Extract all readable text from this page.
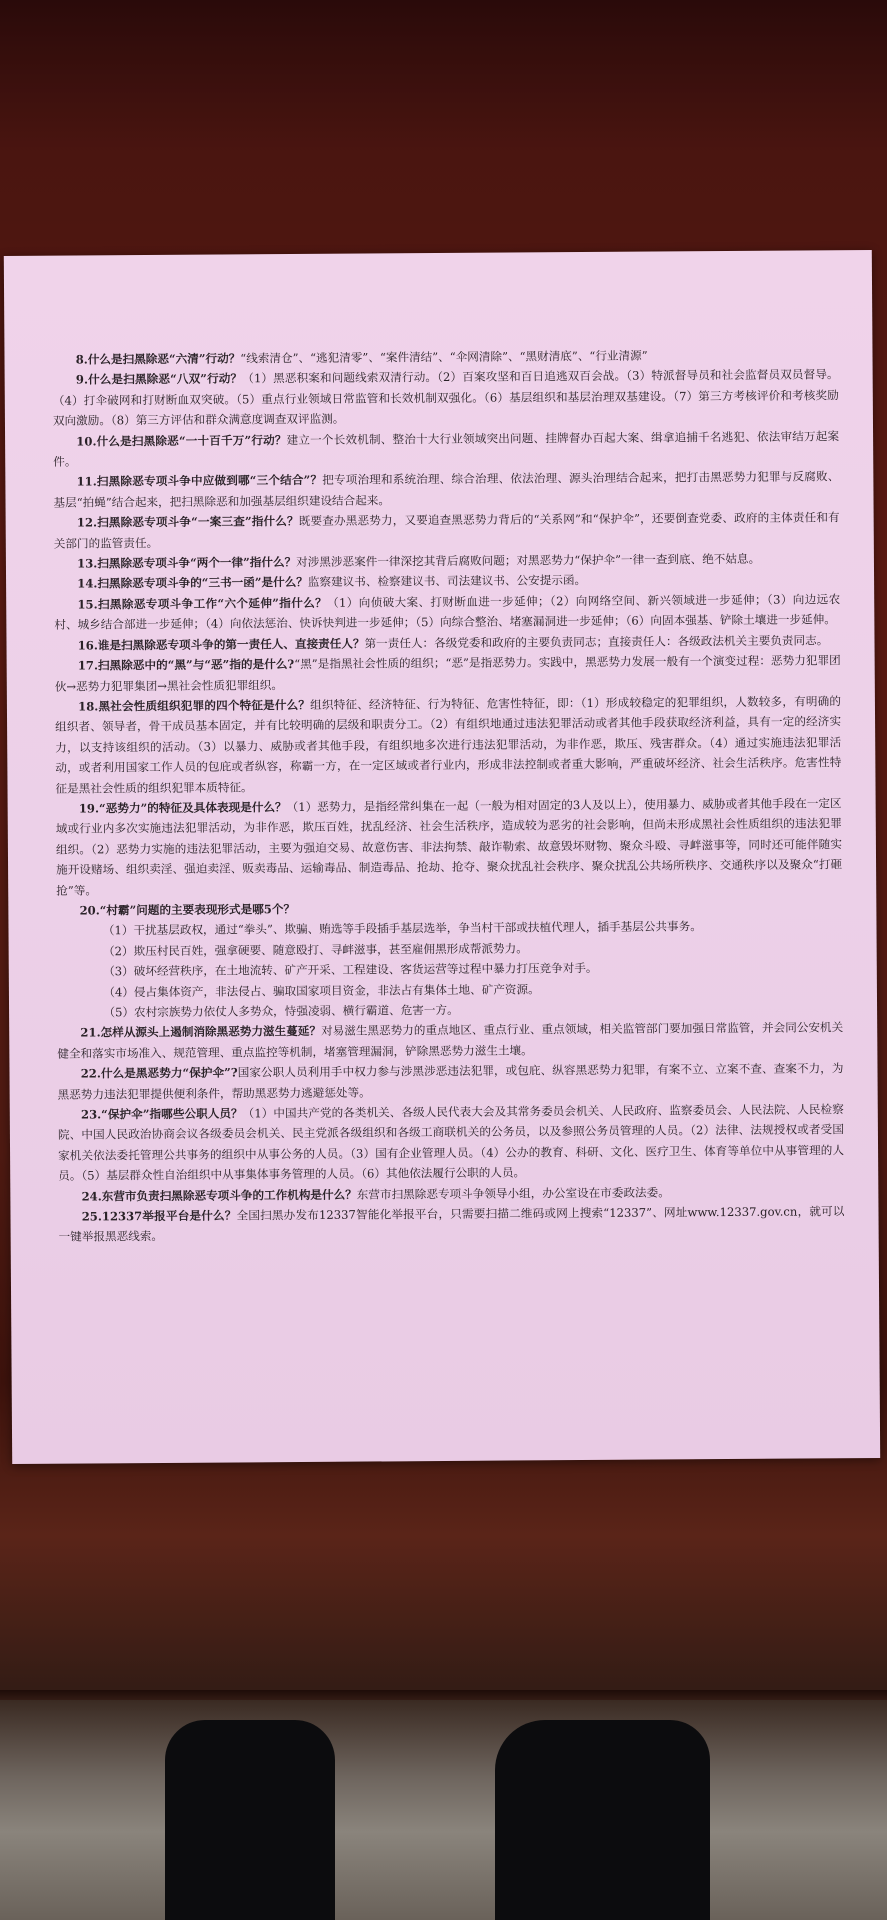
8.什么是扫黑除恶“六清”行动？“线索清仓”、“逃犯清零”、“案件清结”、“伞网清除”、“黑财清底”、“行业清源”

9.什么是扫黑除恶“八双”行动？（1）黑恶积案和问题线索双清行动。（2）百案攻坚和百日追逃双百会战。（3）特派督导员和社会监督员双员督导。（4）打伞破网和打财断血双突破。（5）重点行业领域日常监管和长效机制双强化。（6）基层组织和基层治理双基建设。（7）第三方考核评价和考核奖励双向激励。（8）第三方评估和群众满意度调查双评监测。

10.什么是扫黑除恶“一十百千万”行动？建立一个长效机制、整治十大行业领域突出问题、挂牌督办百起大案、缉拿追捕千名逃犯、依法审结万起案件。

11.扫黑除恶专项斗争中应做到哪“三个结合”？把专项治理和系统治理、综合治理、依法治理、源头治理结合起来，把打击黑恶势力犯罪与反腐败、基层“拍蝇”结合起来，把扫黑除恶和加强基层组织建设结合起来。

12.扫黑除恶专项斗争“一案三查”指什么？既要查办黑恶势力，又要追查黑恶势力背后的“关系网”和“保护伞”，还要倒查党委、政府的主体责任和有关部门的监管责任。

13.扫黑除恶专项斗争“两个一律”指什么？对涉黑涉恶案件一律深挖其背后腐败问题；对黑恶势力“保护伞”一律一查到底、绝不姑息。

14.扫黑除恶专项斗争的“三书一函”是什么？监察建议书、检察建议书、司法建议书、公安提示函。

15.扫黑除恶专项斗争工作“六个延伸”指什么？（1）向侦破大案、打财断血进一步延伸；（2）向网络空间、新兴领域进一步延伸；（3）向边远农村、城乡结合部进一步延伸；（4）向依法惩治、快诉快判进一步延伸；（5）向综合整治、堵塞漏洞进一步延伸；（6）向固本强基、铲除土壤进一步延伸。

16.谁是扫黑除恶专项斗争的第一责任人、直接责任人？第一责任人：各级党委和政府的主要负责同志；直接责任人：各级政法机关主要负责同志。

17.扫黑除恶中的“黑”与“恶”指的是什么?“黑”是指黑社会性质的组织；“恶”是指恶势力。实践中，黑恶势力发展一般有一个演变过程：恶势力犯罪团伙→恶势力犯罪集团→黑社会性质犯罪组织。

18.黑社会性质组织犯罪的四个特征是什么？组织特征、经济特征、行为特征、危害性特征，即：（1）形成较稳定的犯罪组织，人数较多，有明确的组织者、领导者，骨干成员基本固定，并有比较明确的层级和职责分工。（2）有组织地通过违法犯罪活动或者其他手段获取经济利益，具有一定的经济实力，以支持该组织的活动。（3）以暴力、威胁或者其他手段，有组织地多次进行违法犯罪活动，为非作恶，欺压、残害群众。（4）通过实施违法犯罪活动，或者利用国家工作人员的包庇或者纵容，称霸一方，在一定区域或者行业内，形成非法控制或者重大影响，严重破坏经济、社会生活秩序。危害性特征是黑社会性质的组织犯罪本质特征。

19.“恶势力”的特征及具体表现是什么？（1）恶势力，是指经常纠集在一起（一般为相对固定的3人及以上），使用暴力、威胁或者其他手段在一定区域或行业内多次实施违法犯罪活动，为非作恶，欺压百姓，扰乱经济、社会生活秩序，造成较为恶劣的社会影响，但尚未形成黑社会性质组织的违法犯罪组织。（2）恶势力实施的违法犯罪活动，主要为强迫交易、故意伤害、非法拘禁、敲诈勒索、故意毁坏财物、聚众斗殴、寻衅滋事等，同时还可能伴随实施开设赌场、组织卖淫、强迫卖淫、贩卖毒品、运输毒品、制造毒品、抢劫、抢夺、聚众扰乱社会秩序、聚众扰乱公共场所秩序、交通秩序以及聚众“打砸抢”等。

20.“村霸”问题的主要表现形式是哪5个？

（1）干扰基层政权，通过“拳头”、欺骗、贿选等手段插手基层选举，争当村干部或扶植代理人，插手基层公共事务。

（2）欺压村民百姓，强拿硬要、随意殴打、寻衅滋事，甚至雇佣黑形成帮派势力。

（3）破坏经营秩序，在土地流转、矿产开采、工程建设、客货运营等过程中暴力打压竞争对手。

（4）侵占集体资产，非法侵占、骗取国家项目资金，非法占有集体土地、矿产资源。

（5）农村宗族势力依仗人多势众，恃强凌弱、横行霸道、危害一方。

21.怎样从源头上遏制消除黑恶势力滋生蔓延？对易滋生黑恶势力的重点地区、重点行业、重点领域，相关监管部门要加强日常监管，并会同公安机关健全和落实市场准入、规范管理、重点监控等机制，堵塞管理漏洞，铲除黑恶势力滋生土壤。

22.什么是黑恶势力“保护伞”?国家公职人员利用手中权力参与涉黑涉恶违法犯罪，或包庇、纵容黑恶势力犯罪，有案不立、立案不查、查案不力，为黑恶势力违法犯罪提供便利条件，帮助黑恶势力逃避惩处等。

23.“保护伞”指哪些公职人员？（1）中国共产党的各类机关、各级人民代表大会及其常务委员会机关、人民政府、监察委员会、人民法院、人民检察院、中国人民政治协商会议各级委员会机关、民主党派各级组织和各级工商联机关的公务员，以及参照公务员管理的人员。（2）法律、法规授权或者受国家机关依法委托管理公共事务的组织中从事公务的人员。（3）国有企业管理人员。（4）公办的教育、科研、文化、医疗卫生、体育等单位中从事管理的人员。（5）基层群众性自治组织中从事集体事务管理的人员。（6）其他依法履行公职的人员。

24.东营市负责扫黑除恶专项斗争的工作机构是什么？东营市扫黑除恶专项斗争领导小组，办公室设在市委政法委。

25.12337举报平台是什么？全国扫黑办发布12337智能化举报平台，只需要扫描二维码或网上搜索“12337”、网址www.12337.gov.cn，就可以一键举报黑恶线索。
